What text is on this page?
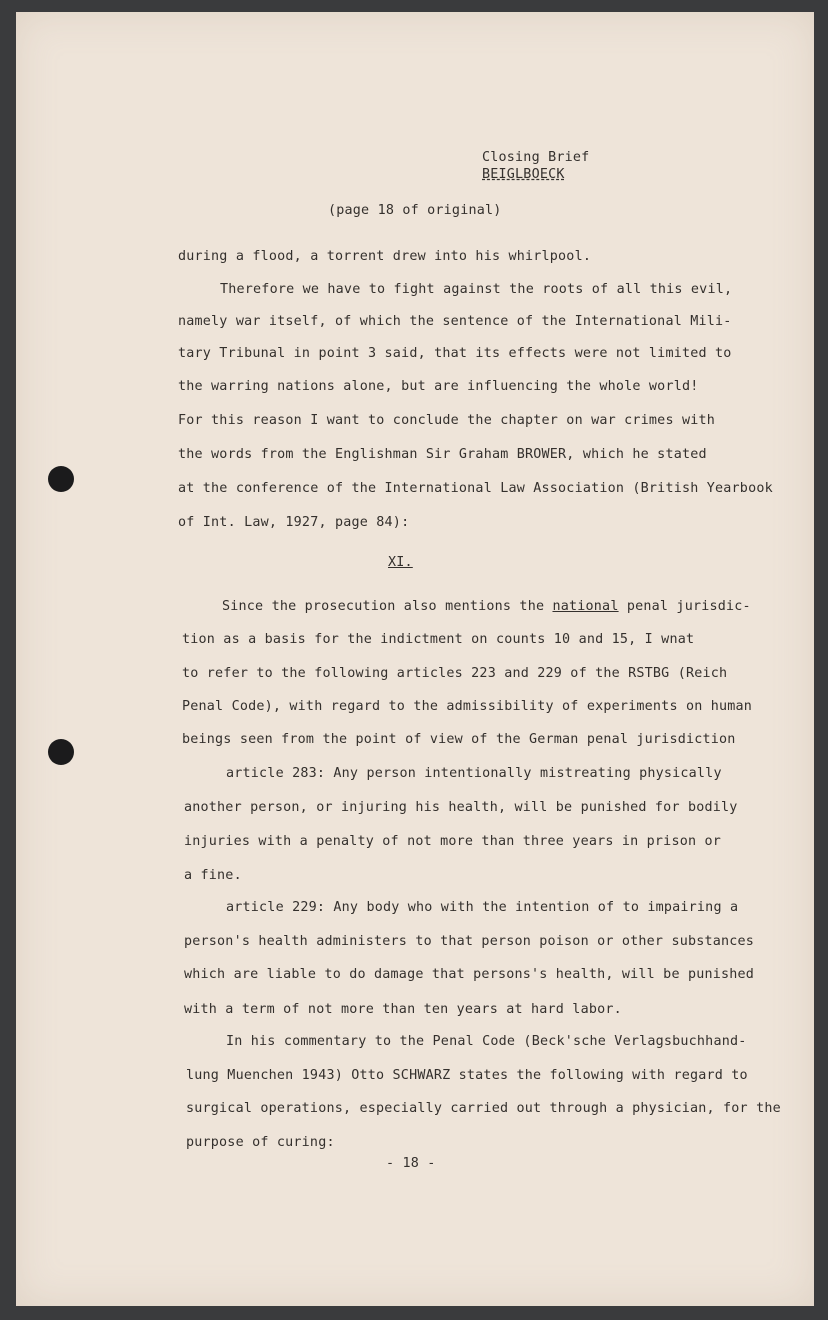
Closing Brief
BEIGLBOECK
(page 18 of original)
during a flood, a torrent drew into his whirlpool.
Therefore we have to fight against the roots of all this evil,
namely war itself, of which the sentence of the International Mili-
tary Tribunal in point 3 said, that its effects were not limited to
the warring nations alone, but are influencing the whole world!
For this reason I want to conclude the chapter on war crimes with
the words from the Englishman Sir Graham BROWER, which he stated
at the conference of the International Law Association (British Yearbook
of Int. Law, 1927, page 84):
XI.
Since the prosecution also mentions the national penal jurisdic-
tion as a basis for the indictment on counts 10 and 15, I wnat
to refer to the following articles 223 and 229 of the RSTBG (Reich
Penal Code), with regard to the admissibility of experiments on human
beings seen from the point of view of the German penal jurisdiction
article 283: Any person intentionally mistreating physically
another person, or injuring his health, will be punished for bodily
injuries with a penalty of not more than three years in prison or
a fine.
article 229: Any body who with the intention of to impairing a
person's health administers to that person poison or other substances
which are liable to do damage that persons's health, will be punished
with a term of not more than ten years at hard labor.
In his commentary to the Penal Code (Beck'sche Verlagsbuchhand-
lung Muenchen 1943) Otto SCHWARZ states the following with regard to
surgical operations, especially carried out through a physician, for the
purpose of curing:
- 18 -
